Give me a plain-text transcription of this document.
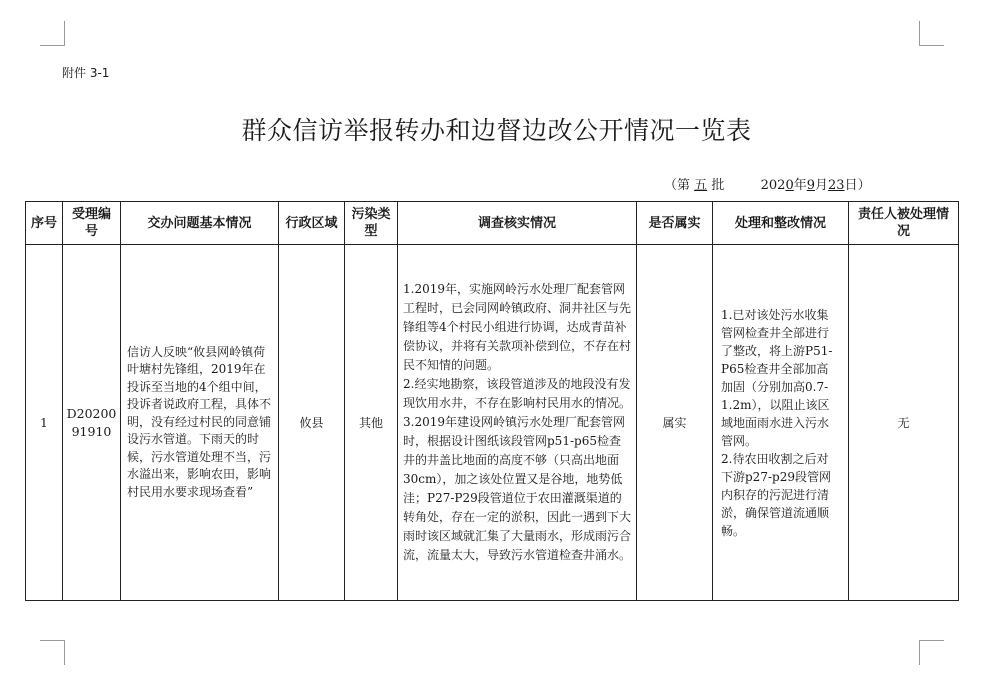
附件 3-1
群众信访举报转办和边督边改公开情况一览表
（第 五 批	2020年9月23日）
序号	受理编号	交办问题基本情况	行政区域	污染类型	调查核实情况	是否属实	处理和整改情况	责任人被处理情况
1	D2020091910	信访人反映“攸县网岭镇荷叶塘村先锋组，2019年在投诉至当地的4个组中间，投诉者说政府工程，具体不明，没有经过村民的同意铺设污水管道。下雨天的时候，污水管道处理不当，污水溢出来，影响农田，影响村民用水要求现场查看”	攸县	其他	1.2019年，实施网岭污水处理厂配套管网工程时，已会同网岭镇政府、洞井社区与先锋组等4个村民小组进行协调，达成青苗补偿协议，并将有关款项补偿到位，不存在村民不知情的问题。
2.经实地勘察，该段管道涉及的地段没有发现饮用水井，不存在影响村民用水的情况。
3.2019年建设网岭镇污水处理厂配套管网时，根据设计图纸该段管网p51-p65检查井的井盖比地面的高度不够（只高出地面30cm），加之该处位置又是谷地，地势低洼；P27-P29段管道位于农田灌溉渠道的转角处，存在一定的淤积，因此一遇到下大雨时该区域就汇集了大量雨水，形成雨污合流，流量太大，导致污水管道检查井涌水。	属实	1.已对该处污水收集管网检查井全部进行了整改，将上游P51-P65检查井全部加高加固（分别加高0.7-1.2m），以阻止该区域地面雨水进入污水管网。
2.待农田收割之后对下游p27-p29段管网内积存的污泥进行清淤，确保管道流通顺畅。	无
